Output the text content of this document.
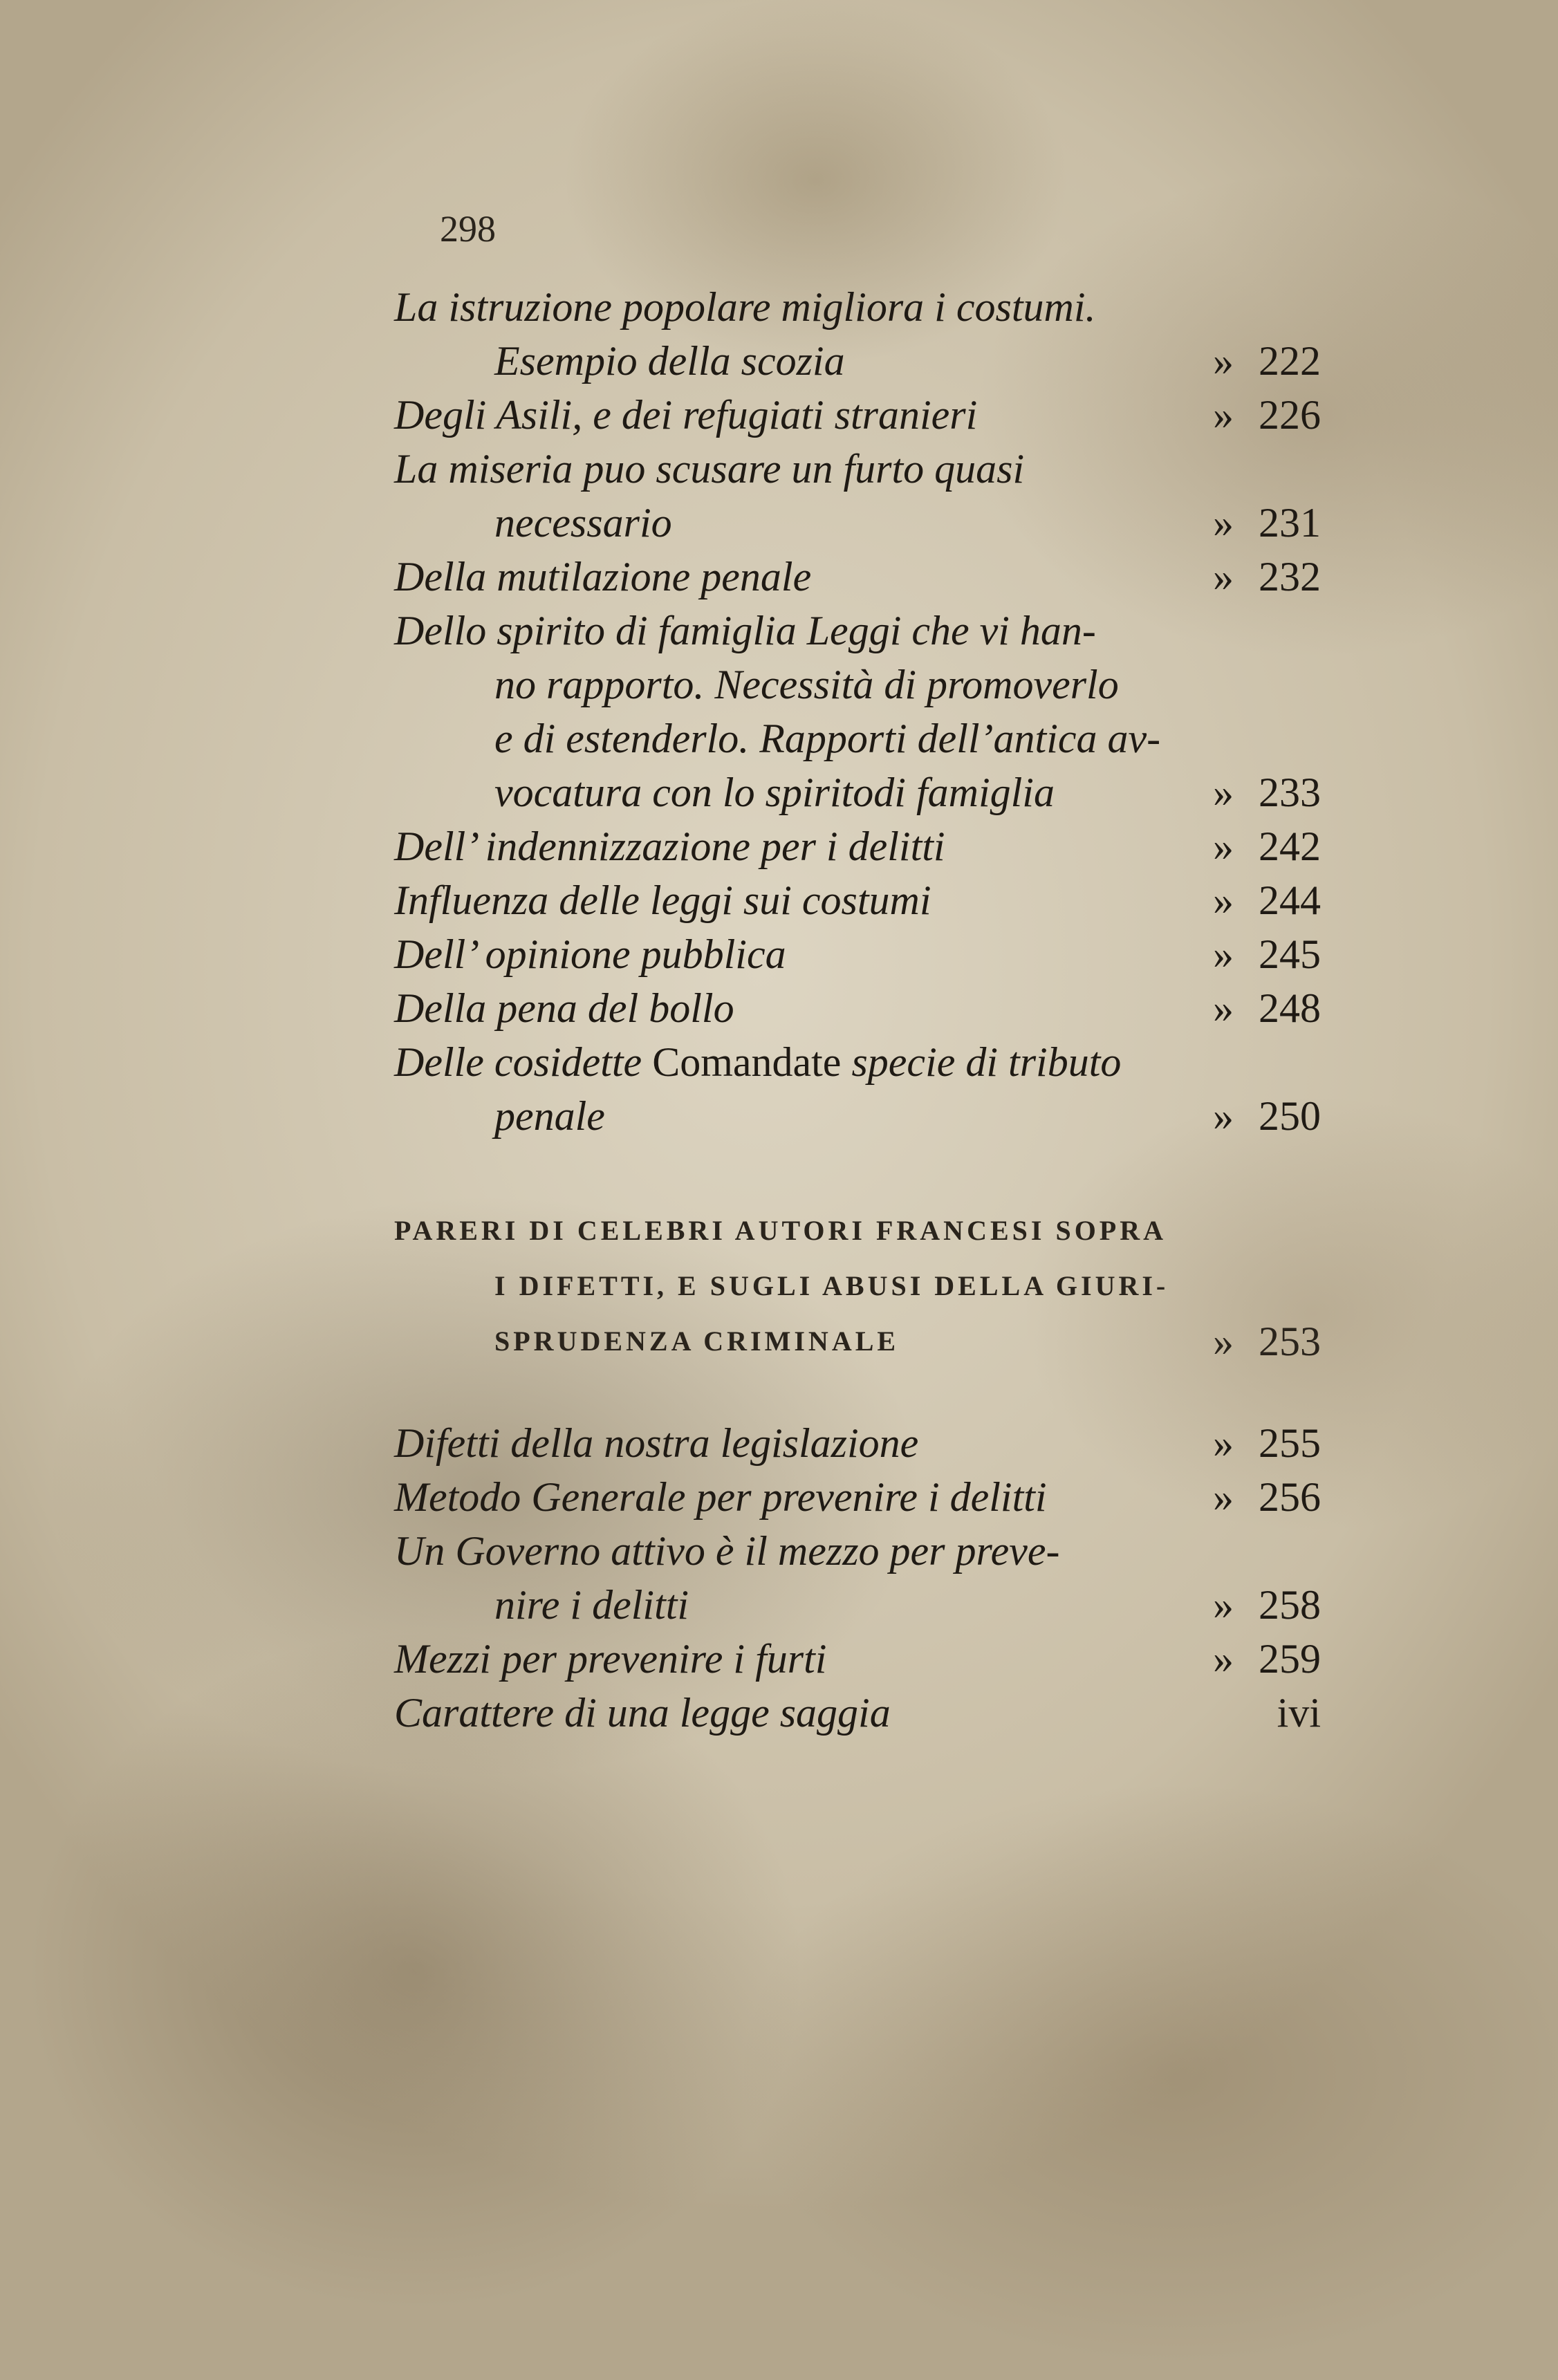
298
La istruzione popolare migliora i costumi.
Esempio della scozia	» 222
Degli Asili, e dei refugiati stranieri	» 226
La miseria puo scusare un furto quasi
necessario	» 231
Della mutilazione penale	» 232
Dello spirito di famiglia Leggi che vi han-
no rapporto. Necessità di promoverlo
e di estenderlo. Rapporti dell’antica av-
vocatura con lo spiritodi famiglia	» 233
Dell’ indennizzazione per i delitti	» 242
Influenza delle leggi sui costumi	» 244
Dell’ opinione pubblica	» 245
Della pena del bollo	» 248
Delle cosidette Comandate specie di tributo
penale	» 250
PARERI DI CELEBRI AUTORI FRANCESI SOPRA
I DIFETTI, E SUGLI ABUSI DELLA GIURI-
SPRUDENZA CRIMINALE	» 253
Difetti della nostra legislazione	» 255
Metodo Generale per prevenire i delitti	» 256
Un Governo attivo è il mezzo per preve-
nire i delitti	» 258
Mezzi per prevenire i furti	» 259
Carattere di una legge saggia	ivi
